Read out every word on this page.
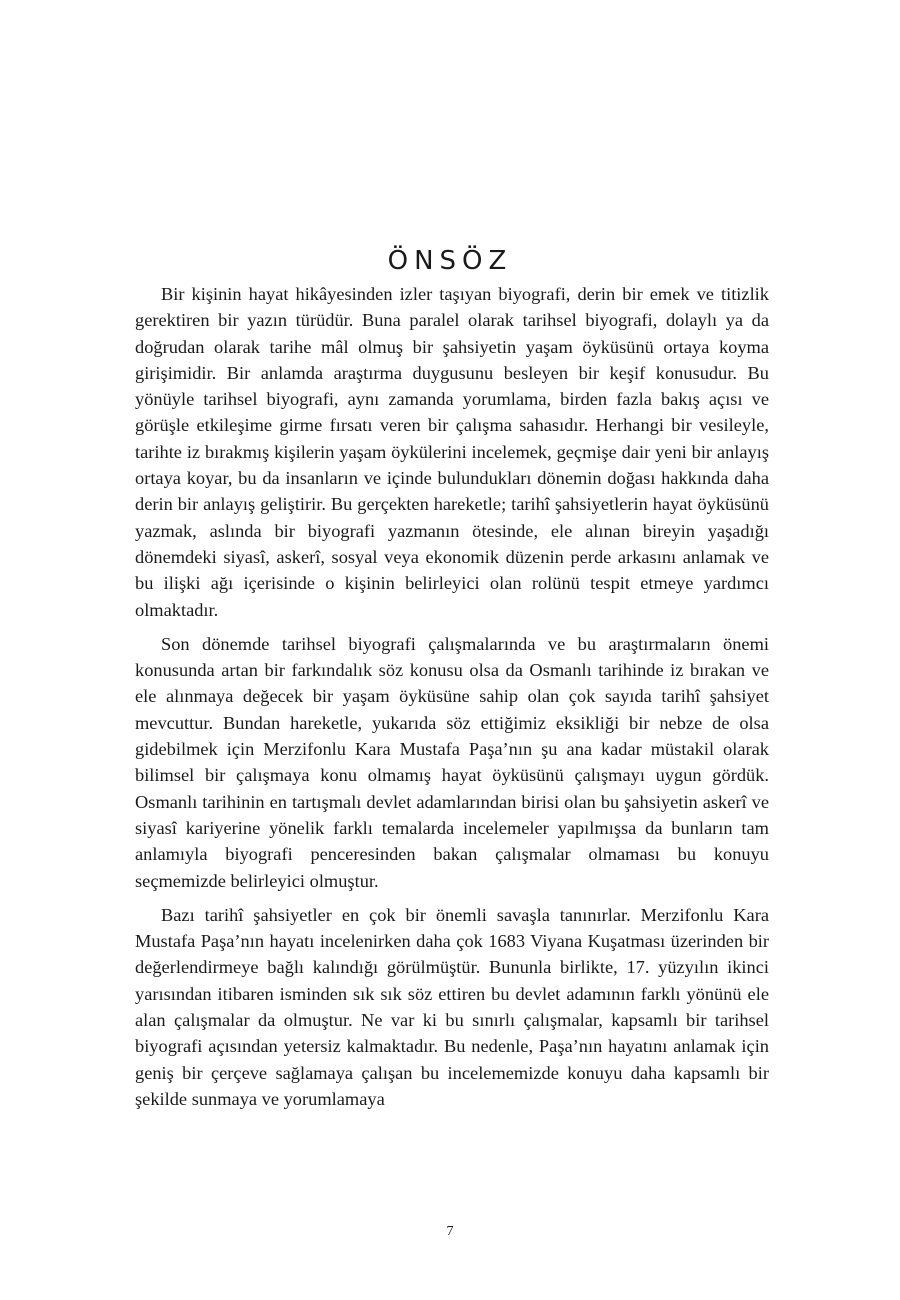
ÖNSÖZ

Bir kişinin hayat hikâyesinden izler taşıyan biyografi, derin bir emek ve titizlik gerektiren bir yazın türüdür. Buna paralel olarak tarihsel biyografi, dolaylı ya da doğrudan olarak tarihe mâl olmuş bir şahsiyetin yaşam öyküsünü ortaya koyma girişimidir. Bir anlamda araştırma duygusunu besleyen bir keşif konusudur. Bu yönüyle tarihsel biyografi, aynı zamanda yorumlama, birden fazla bakış açısı ve görüşle etkileşime girme fırsatı veren bir çalışma sahasıdır. Herhangi bir vesileyle, tarihte iz bırakmış kişilerin yaşam öykülerini incelemek, geçmişe dair yeni bir anlayış ortaya koyar, bu da insanların ve içinde bulundukları dönemin doğası hakkında daha derin bir anlayış geliştirir. Bu gerçekten hareketle; tarihî şahsiyetlerin hayat öyküsünü yazmak, aslında bir biyografi yazmanın ötesinde, ele alınan bireyin yaşadığı dönemdeki siyasî, askerî, sosyal veya ekonomik düzenin perde arkasını anlamak ve bu ilişki ağı içerisinde o kişinin belirleyici olan rolünü tespit etmeye yardımcı olmaktadır.

Son dönemde tarihsel biyografi çalışmalarında ve bu araştırmaların önemi konusunda artan bir farkındalık söz konusu olsa da Osmanlı tarihinde iz bırakan ve ele alınmaya değecek bir yaşam öyküsüne sahip olan çok sayıda tarihî şahsiyet mevcuttur. Bundan hareketle, yukarıda söz ettiğimiz eksikliği bir nebze de olsa gidebilmek için Merzifonlu Kara Mustafa Paşa’nın şu ana kadar müstakil olarak bilimsel bir çalışmaya konu olmamış hayat öyküsünü çalışmayı uygun gördük. Osmanlı tarihinin en tartışmalı devlet adamlarından birisi olan bu şahsiyetin askerî ve siyasî kariyerine yönelik farklı temalarda incelemeler yapılmışsa da bunların tam anlamıyla biyografi penceresinden bakan çalışmalar olmaması bu konuyu seçmemizde belirleyici olmuştur.

Bazı tarihî şahsiyetler en çok bir önemli savaşla tanınırlar. Merzifonlu Kara Mustafa Paşa’nın hayatı incelenirken daha çok 1683 Viyana Kuşatması üzerinden bir değerlendirmeye bağlı kalındığı görülmüştür. Bununla birlikte, 17. yüzyılın ikinci yarısından itibaren isminden sık sık söz ettiren bu devlet adamının farklı yönünü ele alan çalışmalar da olmuştur. Ne var ki bu sınırlı çalışmalar, kapsamlı bir tarihsel biyografi açısından yetersiz kalmaktadır. Bu nedenle, Paşa’nın hayatını anlamak için geniş bir çerçeve sağlamaya çalışan bu incelememizde konuyu daha kapsamlı bir şekilde sunmaya ve yorumlamaya

7
